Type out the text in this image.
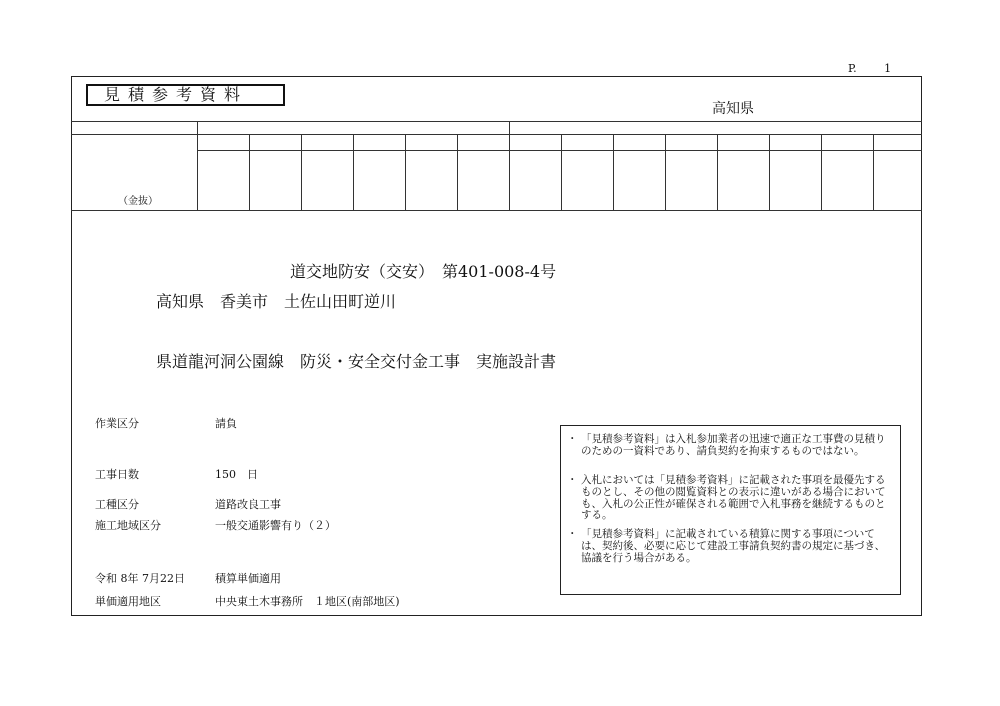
P.	1
見積参考資料
高知県
（金抜）
道交地防安（交安）　第401-008-4号
高知県　香美市　土佐山田町逆川
県道龍河洞公園線　防災・安全交付金工事　実施設計書
作業区分	請負
工事日数	150　日
工種区分	道路改良工事
施工地域区分	一般交通影響有り（２）
令和 8年 7月22日	積算単価適用
単価適用地区	中央東土木事務所　１地区(南部地区)
・ 「見積参考資料」は入札参加業者の迅速で適正な工事費の見積りのための一資料であり、請負契約を拘束するものではない。
・ 入札においては「見積参考資料」に記載された事項を最優先するものとし、その他の閲覧資料との表示に違いがある場合においても、入札の公正性が確保される範囲で入札事務を継続するものとする。
・ 「見積参考資料」に記載されている積算に関する事項については、契約後、必要に応じて建設工事請負契約書の規定に基づき、協議を行う場合がある。
